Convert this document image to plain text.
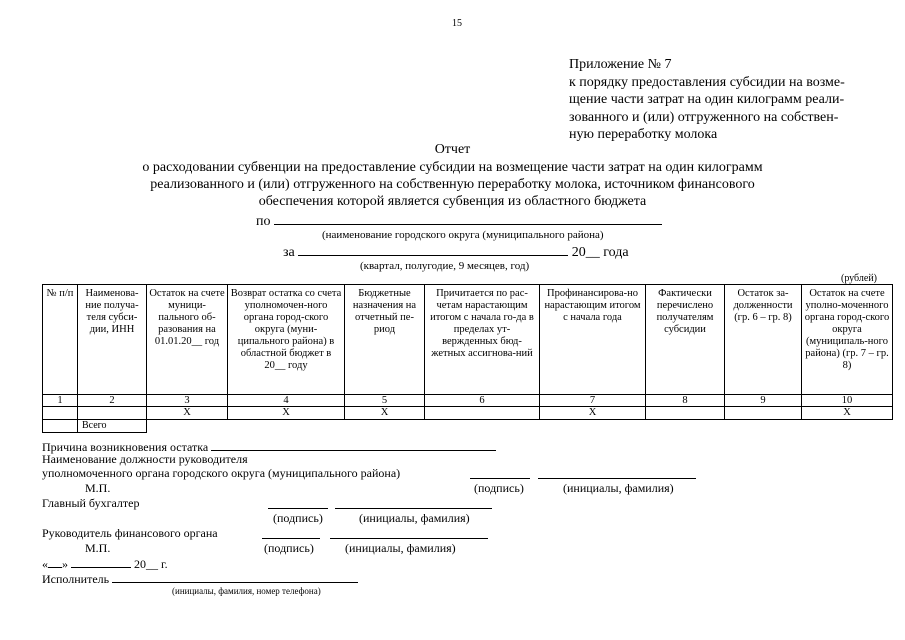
15
Приложение № 7
к порядку предоставления субсидии на возме-
щение части затрат на один килограмм реали-
зованного и (или) отгруженного на собствен-
ную переработку молока
Отчет
о расходовании субвенции на предоставление субсидии на возмещение части затрат на один килограмм
реализованного и (или) отгруженного на собственную переработку молока, источником финансового
обеспечения которой является субвенция из областного бюджета
по
(наименование городского округа (муниципального района)
за	20__ года
(квартал, полугодие, 9 месяцев, год)
(рублей)
№ п/п	Наименова-ние получа-теля субси-дии, ИНН	Остаток на счете муници-пального об-разования на 01.01.20__ год	Возврат остатка со счета уполномочен-ного органа город-ского округа (муни-ципального района) в областной бюджет в 20__ году	Бюджетные назначения на отчетный пе-риод	Причитается по рас-четам нарастающим итогом с начала го-да в пределах ут-вержденных бюд-жетных ассигнова-ний	Профинансирова-но нарастающим итогом с начала года	Фактически перечислено получателям субсидии	Остаток за-долженности (гр. 6 – гр. 8)	Остаток на счете уполно-моченного органа город-ского округа (муниципаль-ного района) (гр. 7 – гр. 8)
1	2	3	4	5	6	7	8	9	10
		X	X	X		X			X
	Всего								
Причина возникновения остатка
Наименование должности руководителя
уполномоченного органа городского округа (муниципального района)
М.П.	(подпись)	(инициалы, фамилия)
Главный бухгалтер
(подпись)	(инициалы, фамилия)
Руководитель финансового органа
М.П.	(подпись)	(инициалы, фамилия)
« »	20__ г.
Исполнитель
(инициалы, фамилия, номер телефона)
